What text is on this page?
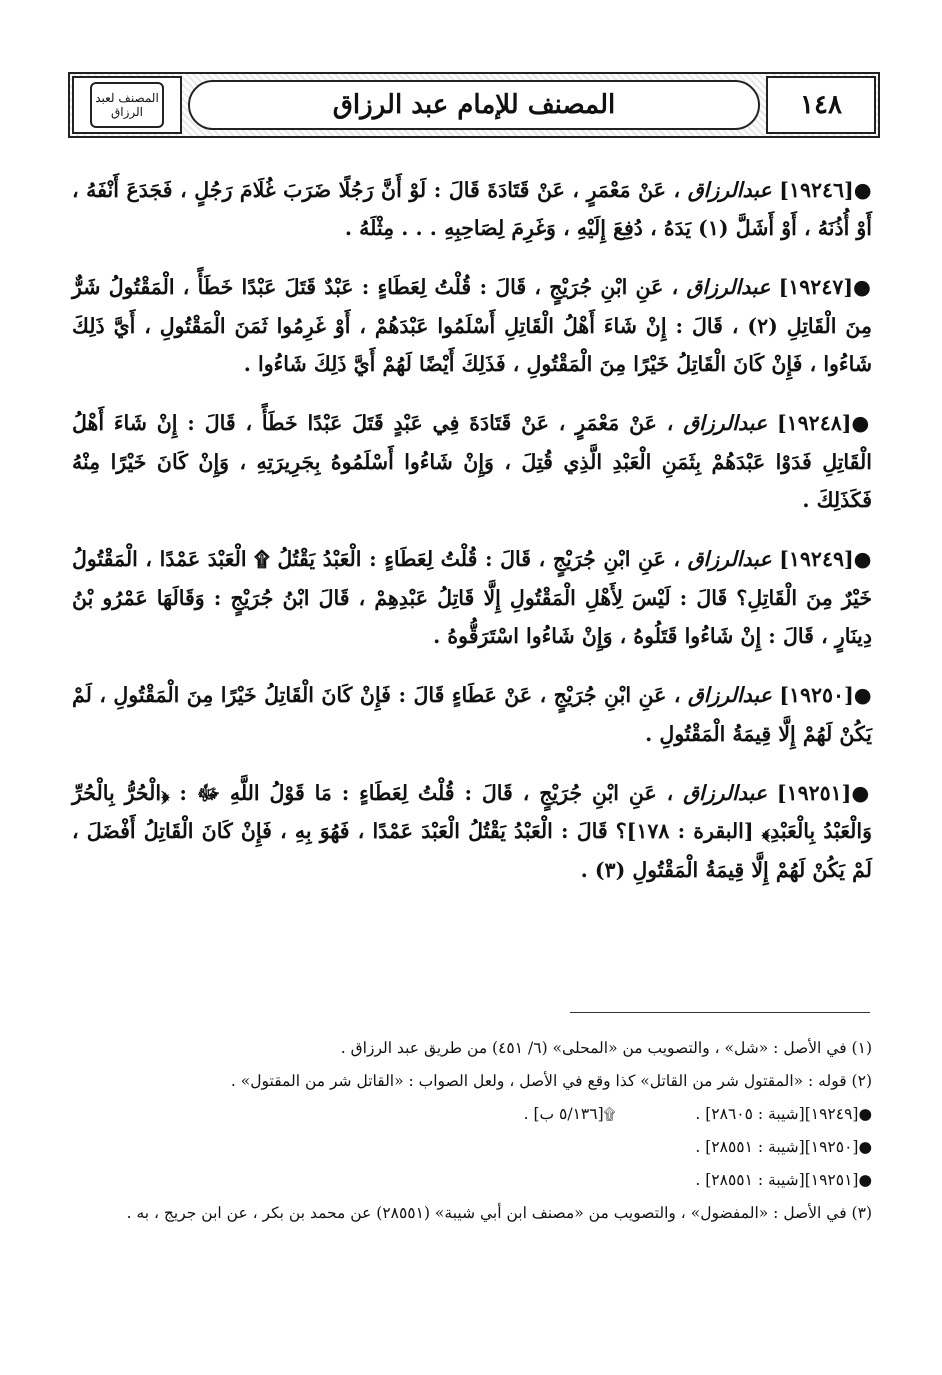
المصنف لعبد الرزاق	المصنف للإمام عبد الرزاق	١٤٨

●[١٩٢٤٦] عبدالرزاق ، عَنْ مَعْمَرٍ ، عَنْ قَتَادَةَ قَالَ : لَوْ أَنَّ رَجُلًا ضَرَبَ غُلَامَ رَجُلٍ ، فَجَدَعَ أَنْفَهُ ، أَوْ أُذُنَهُ ، أَوْ أَشَلَّ (١) يَدَهُ ، دُفِعَ إِلَيْهِ ، وَغَرِمَ لِصَاحِبِهِ . . . مِثْلَهُ .

●[١٩٢٤٧] عبدالرزاق ، عَنِ ابْنِ جُرَيْجٍ ، قَالَ : قُلْتُ لِعَطَاءٍ : عَبْدٌ قَتَلَ عَبْدًا خَطَأً ، الْمَقْتُولُ شَرٌّ مِنَ الْقَاتِلِ (٢) ، قَالَ : إِنْ شَاءَ أَهْلُ الْقَاتِلِ أَسْلَمُوا عَبْدَهُمْ ، أَوْ غَرِمُوا ثَمَنَ الْمَقْتُولِ ، أَيَّ ذَلِكَ شَاءُوا ، فَإِنْ كَانَ الْقَاتِلُ خَيْرًا مِنَ الْمَقْتُولِ ، فَذَلِكَ أَيْضًا لَهُمْ أَيَّ ذَلِكَ شَاءُوا .

●[١٩٢٤٨] عبدالرزاق ، عَنْ مَعْمَرٍ ، عَنْ قَتَادَةَ فِي عَبْدٍ قَتَلَ عَبْدًا خَطَأً ، قَالَ : إِنْ شَاءَ أَهْلُ الْقَاتِلِ فَدَوْا عَبْدَهُمْ بِثَمَنِ الْعَبْدِ الَّذِي قُتِلَ ، وَإِنْ شَاءُوا أَسْلَمُوهُ بِجَرِيرَتِهِ ، وَإِنْ كَانَ خَيْرًا مِنْهُ فَكَذَلِكَ .

●[١٩٢٤٩] عبدالرزاق ، عَنِ ابْنِ جُرَيْجٍ ، قَالَ : قُلْتُ لِعَطَاءٍ : الْعَبْدُ يَقْتُلُ ۩ الْعَبْدَ عَمْدًا ، الْمَقْتُولُ خَيْرٌ مِنَ الْقَاتِلِ؟ قَالَ : لَيْسَ لِأَهْلِ الْمَقْتُولِ إِلَّا قَاتِلُ عَبْدِهِمْ ، قَالَ ابْنُ جُرَيْجٍ : وَقَالَهَا عَمْرُو بْنُ دِينَارٍ ، قَالَ : إِنْ شَاءُوا قَتَلُوهُ ، وَإِنْ شَاءُوا اسْتَرَقُّوهُ .

●[١٩٢٥٠] عبدالرزاق ، عَنِ ابْنِ جُرَيْجٍ ، عَنْ عَطَاءٍ قَالَ : فَإِنْ كَانَ الْقَاتِلُ خَيْرًا مِنَ الْمَقْتُولِ ، لَمْ يَكُنْ لَهُمْ إِلَّا قِيمَةُ الْمَقْتُولِ .

●[١٩٢٥١] عبدالرزاق ، عَنِ ابْنِ جُرَيْجٍ ، قَالَ : قُلْتُ لِعَطَاءٍ : مَا قَوْلُ اللَّهِ ﷻ : ﴿الْحُرُّ بِالْحُرِّ وَالْعَبْدُ بِالْعَبْدِ﴾ [البقرة : ١٧٨]؟ قَالَ : الْعَبْدُ يَقْتُلُ الْعَبْدَ عَمْدًا ، فَهُوَ بِهِ ، فَإِنْ كَانَ الْقَاتِلُ أَفْضَلَ ، لَمْ يَكُنْ لَهُمْ إِلَّا قِيمَةُ الْمَقْتُولِ (٣) .

(١) في الأصل : «شل» ، والتصويب من «المحلى» (٦/ ٤٥١) من طريق عبد الرزاق .

(٢) قوله : «المقتول شر من القاتل» كذا وقع في الأصل ، ولعل الصواب : «القاتل شر من المقتول» .

●[١٩٢٤٩][شيبة : ٢٨٦٠٥] .
۩[٥/١٣٦ ب] .

●[١٩٢٥٠][شيبة : ٢٨٥٥١] .

●[١٩٢٥١][شيبة : ٢٨٥٥١] .

(٣) في الأصل : «المفضول» ، والتصويب من «مصنف ابن أبي شيبة» (٢٨٥٥١) عن محمد بن بكر ، عن ابن جريج ، به .
